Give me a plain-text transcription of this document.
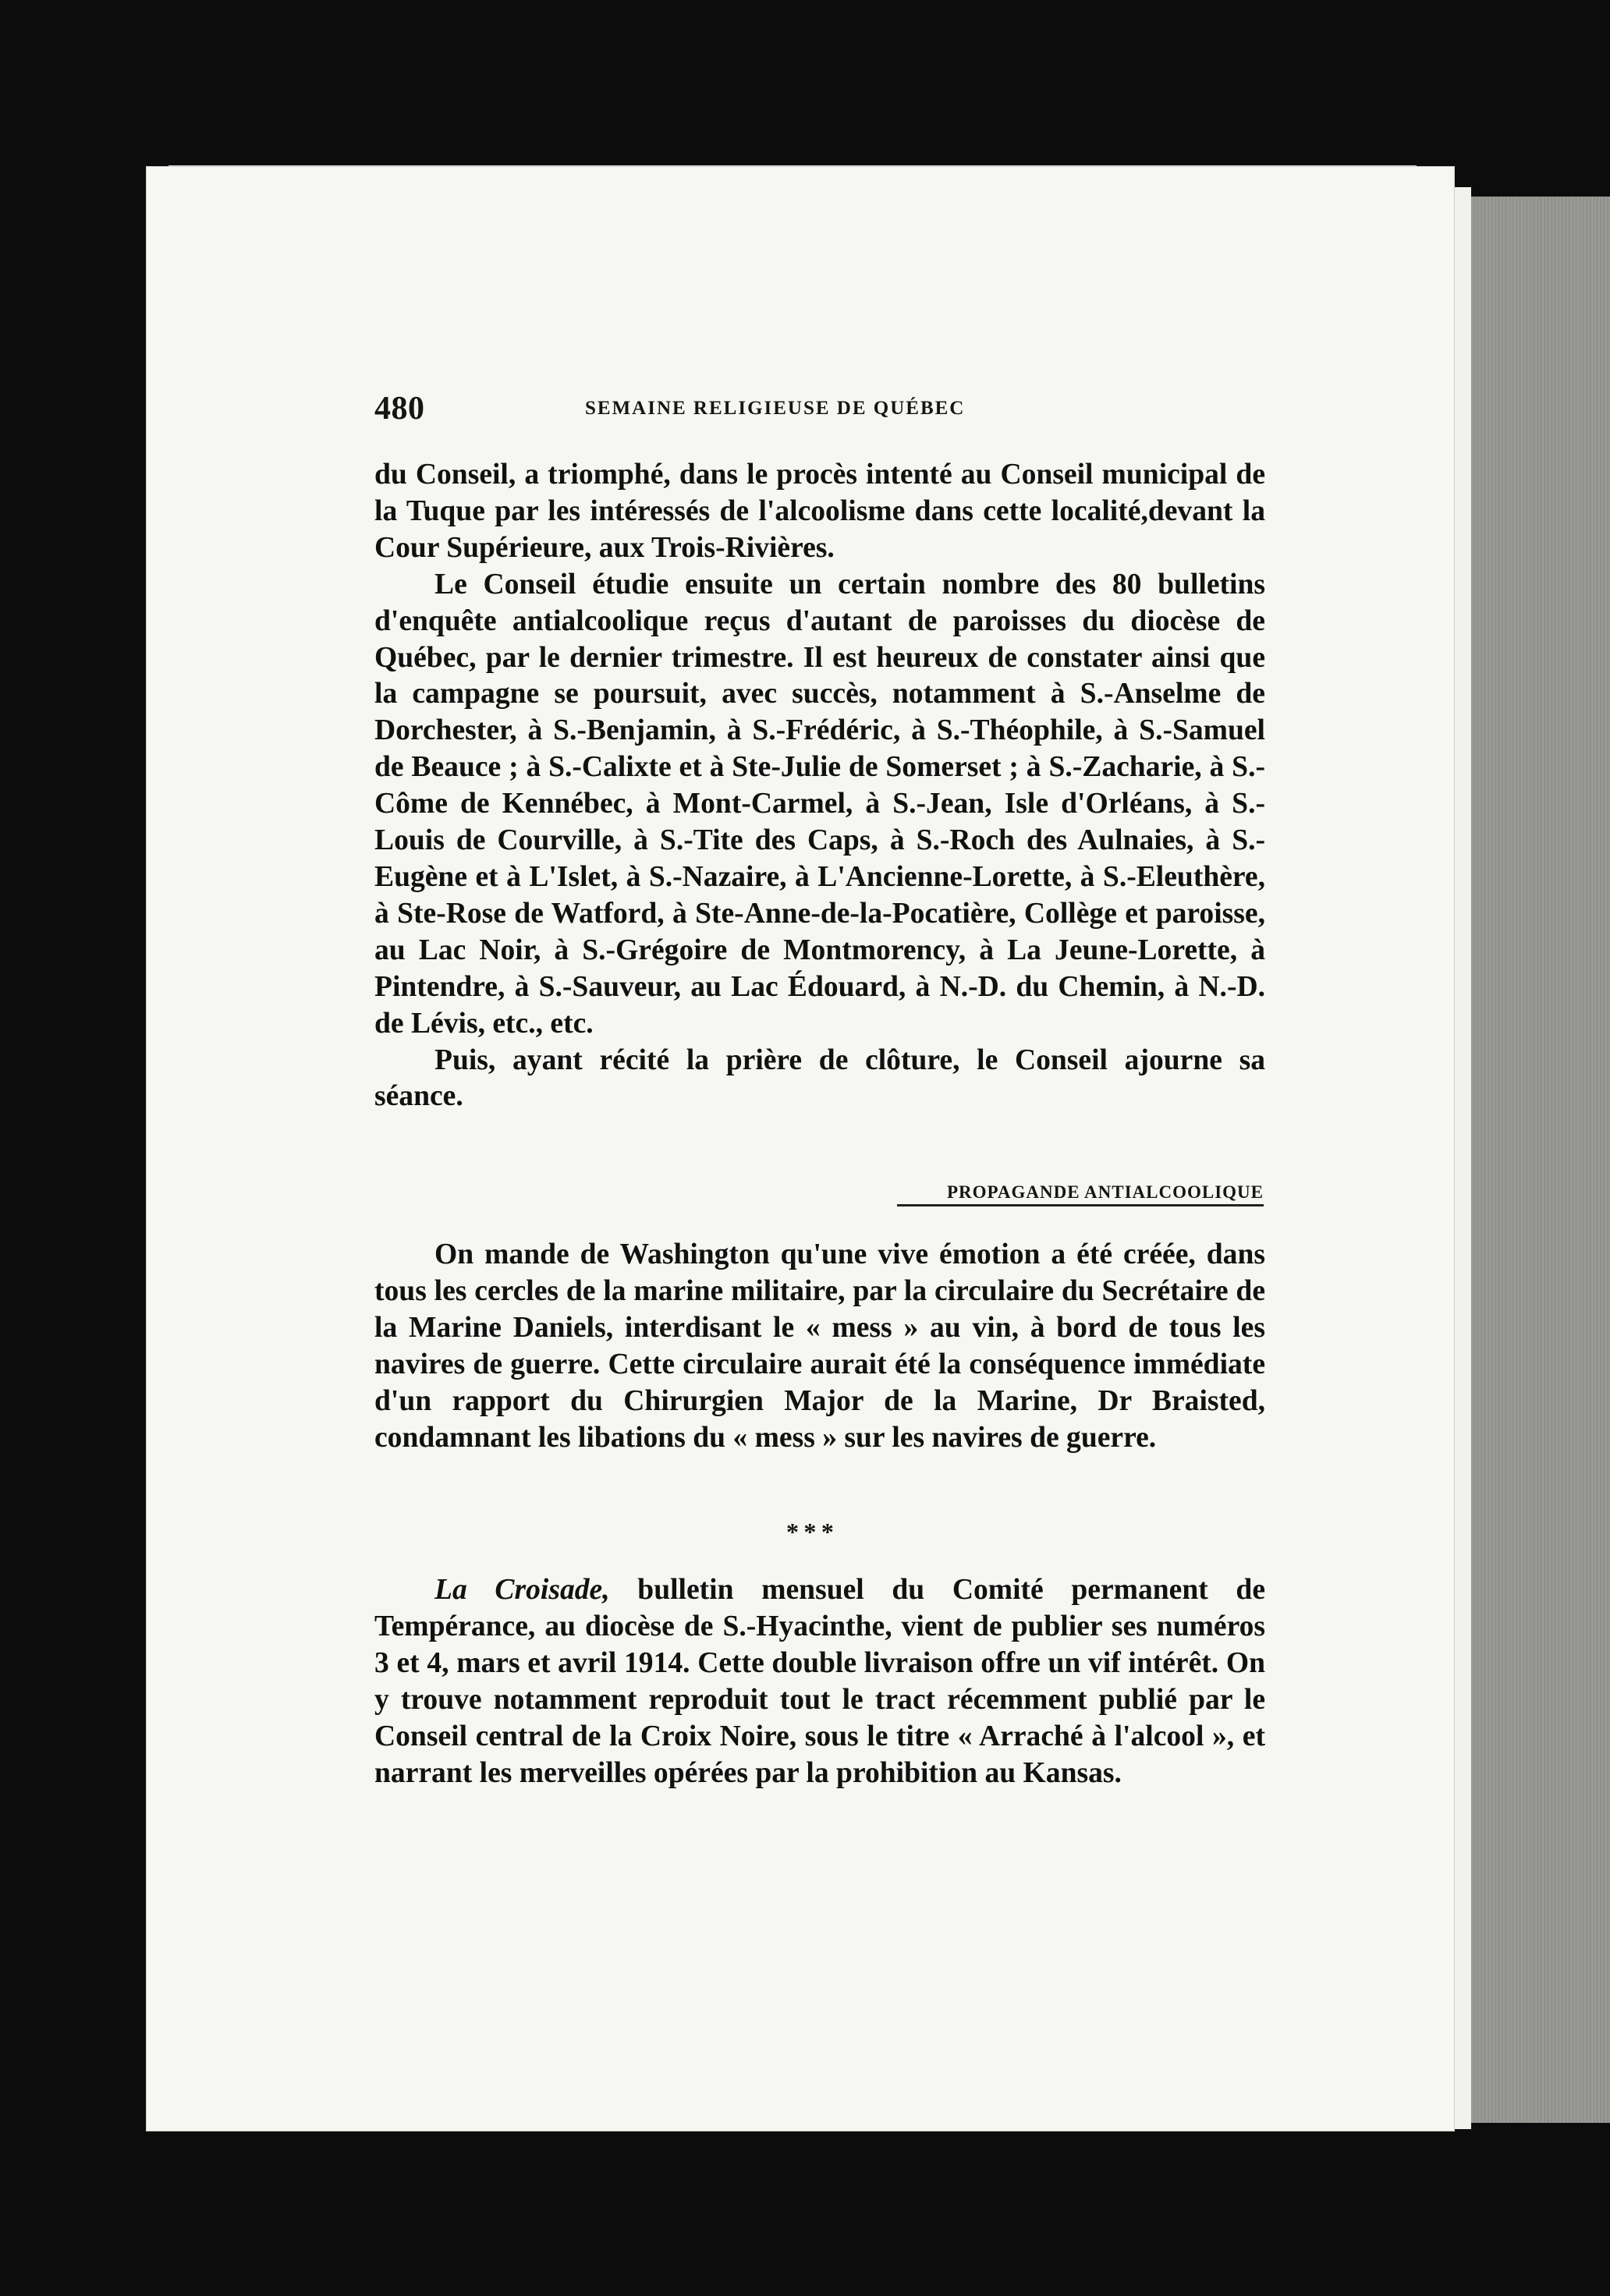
480	SEMAINE RELIGIEUSE DE QUÉBEC

du Conseil, a triomphé, dans le procès intenté au Conseil municipal de la Tuque par les intéressés de l'alcoolisme dans cette localité,devant la Cour Supérieure, aux Trois-Rivières.

Le Conseil étudie ensuite un certain nombre des 80 bulletins d'enquête antialcoolique reçus d'autant de paroisses du diocèse de Québec, par le dernier trimestre. Il est heureux de constater ainsi que la campagne se poursuit, avec succès, notamment à S.-Anselme de Dorchester, à S.-Benjamin, à S.-Frédéric, à S.-Théophile, à S.-Samuel de Beauce ; à S.-Calixte et à Ste-Julie de Somerset ; à S.-Zacharie, à S.-Côme de Kennébec, à Mont-Carmel, à S.-Jean, Isle d'Orléans, à S.-Louis de Courville, à S.-Tite des Caps, à S.-Roch des Aulnaies, à S.-Eugène et à L'Islet, à S.-Nazaire, à L'Ancienne-Lorette, à S.-Eleuthère, à Ste-Rose de Watford, à Ste-Anne-de-la-Pocatière, Collège et paroisse, au Lac Noir, à S.-Grégoire de Montmorency, à La Jeune-Lorette, à Pintendre, à S.-Sauveur, au Lac Édouard, à N.-D. du Chemin, à N.-D. de Lévis, etc., etc.

Puis, ayant récité la prière de clôture, le Conseil ajourne sa séance.

PROPAGANDE ANTIALCOOLIQUE

On mande de Washington qu'une vive émotion a été créée, dans tous les cercles de la marine militaire, par la circulaire du Secrétaire de la Marine Daniels, interdisant le « mess » au vin, à bord de tous les navires de guerre. Cette circulaire aurait été la conséquence immédiate d'un rapport du Chirurgien Major de la Marine, Dr Braisted, condamnant les libations du « mess » sur les navires de guerre.

* * *

La Croisade, bulletin mensuel du Comité permanent de Tempérance, au diocèse de S.-Hyacinthe, vient de publier ses numéros 3 et 4, mars et avril 1914. Cette double livraison offre un vif intérêt. On y trouve notamment reproduit tout le tract récemment publié par le Conseil central de la Croix Noire, sous le titre « Arraché à l'alcool », et narrant les merveilles opérées par la prohibition au Kansas.
